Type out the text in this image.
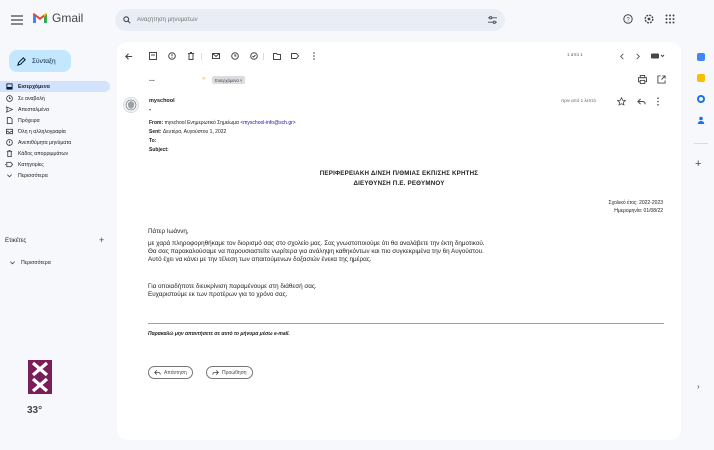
Gmail
Αναζήτηση μηνυμάτων	?
Σύνταξη
Εισερχόμενα
Σε αναβολή
Απεσταλμένα
Πρόχειρα
Όλη η αλληλογραφία
Ανεπιθύμητα μηνύματα
Κάδος απορριμμάτων
Κατηγορίες
Περισσότερα
Ετικέτες	+
Περισσότερα
33°
1 από 1
...	» Εισερχόμενα ×
myschool
▾
πριν από 1 λεπτό
From: myschool Ενημερωτικό Σημείωμα <myschool-info@sch.gr>
Sent: Δευτέρα, Αυγούστου 1, 2022
To:
Subject:
ΠΕΡΙΦΕΡΕΙΑΚΗ Δ/ΝΣΗ Π/ΘΜΙΑΣ ΕΚΠ/ΣΗΣ ΚΡΗΤΗΣ
ΔΙΕΥΘΥΝΣΗ Π.Ε. ΡΕΘΥΜΝΟΥ
Σχολικό έτος: 2022-2023
Ημερομηνία: 01/08/22
Πάτερ Ιωάννη,
με χαρά πληροφορηθήκαμε τον διορισμό σας στο σχολείο μας. Σας γνωστοποιούμε ότι θα αναλάβετε την έκτη δημοτικού.
Θα σας παρακαλούσαμε να παρουσιαστείτε νωρίτερα για ανάληψη καθηκόντων και πιο συγκεκριμένα την 6η Αυγούστου.
Αυτό έχει να κάνει με την τέλεση των απαιτούμενων δοξασιών ένεκα της ημέρας.
Για οποιαδήποτε διευκρίνιση παραμένουμε στη διάθεσή σας.
Ευχαριστούμε εκ των προτέρων για το χρόνο σας.
Παρακαλώ μην απαντήσετε σε αυτό το μήνυμα μέσω e-mail.
Απάντηση	Προώθηση
+
›
